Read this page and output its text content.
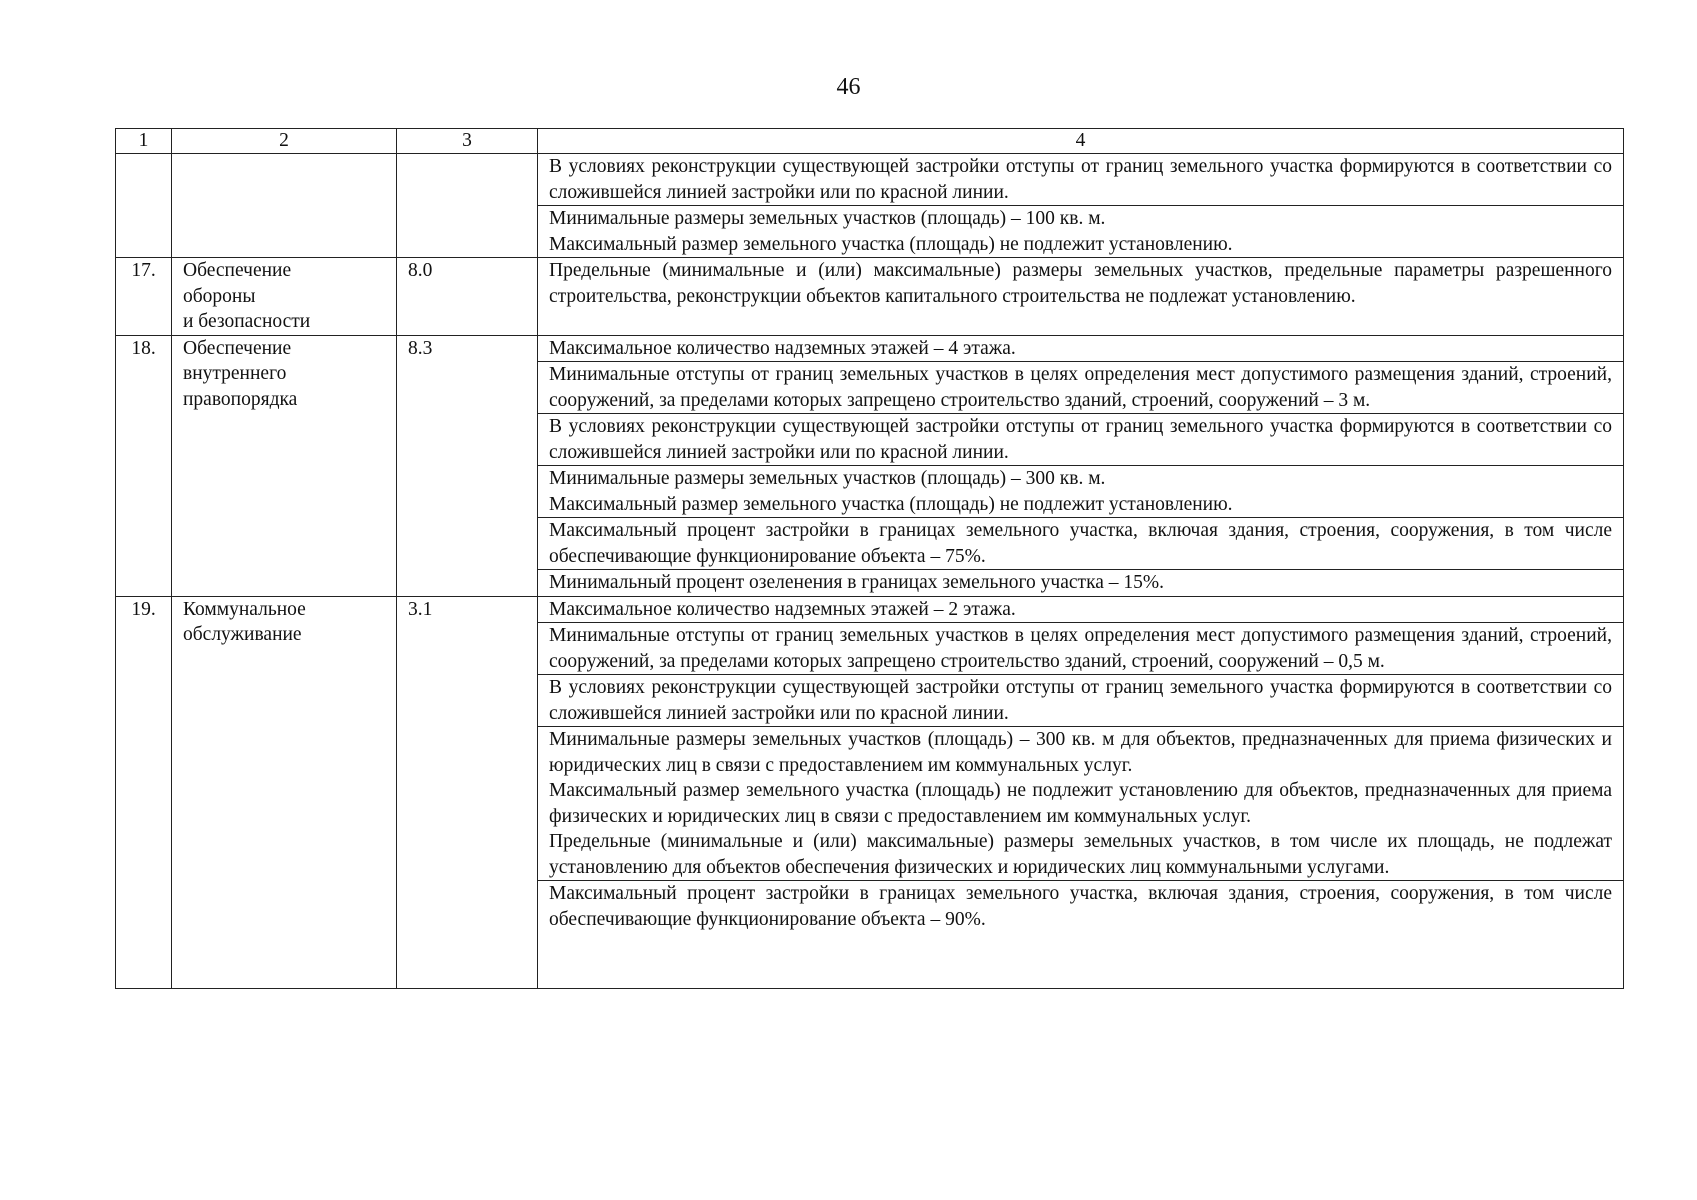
46
1	2	3	4

			В условиях реконструкции существующей застройки отступы от границ земельного участка формируются в соответствии со сложившейся линией застройки или по красной линии.

			Минимальные размеры земельных участков (площадь) – 100 кв. м.
Максимальный размер земельного участка (площадь) не подлежит установлению.

17.	Обеспечение
обороны
и безопасности	8.0	Предельные (минимальные и (или) максимальные) размеры земельных участков, предельные параметры разрешенного строительства, реконструкции объектов капитального строительства не подлежат установлению.

18.	Обеспечение
внутреннего
правопорядка	8.3	Максимальное количество надземных этажей – 4 этажа.

			Минимальные отступы от границ земельных участков в целях определения мест допустимого размещения зданий, строений, сооружений, за пределами которых запрещено строительство зданий, строений, сооружений – 3 м.

			В условиях реконструкции существующей застройки отступы от границ земельного участка формируются в соответствии со сложившейся линией застройки или по красной линии.

			Минимальные размеры земельных участков (площадь) – 300 кв. м.
Максимальный размер земельного участка (площадь) не подлежит установлению.

			Максимальный процент застройки в границах земельного участка, включая здания, строения, сооружения, в том числе обеспечивающие функционирование объекта – 75%.

			Минимальный процент озеленения в границах земельного участка – 15%.

19.	Коммунальное
обслуживание	3.1	Максимальное количество надземных этажей – 2 этажа.

			Минимальные отступы от границ земельных участков в целях определения мест допустимого размещения зданий, строений, сооружений, за пределами которых запрещено строительство зданий, строений, сооружений – 0,5 м.

			В условиях реконструкции существующей застройки отступы от границ земельного участка формируются в соответствии со сложившейся линией застройки или по красной линии.

			Минимальные размеры земельных участков (площадь) – 300 кв. м для объектов, предназначенных для приема физических и юридических лиц в связи с предоставлением им коммунальных услуг.
Максимальный размер земельного участка (площадь) не подлежит установлению для объектов, предназначенных для приема физических и юридических лиц в связи с предоставлением им коммунальных услуг.
Предельные (минимальные и (или) максимальные) размеры земельных участков, в том числе их площадь, не подлежат установлению для объектов обеспечения физических и юридических лиц коммунальными услугами.

			Максимальный процент застройки в границах земельного участка, включая здания, строения, сооружения, в том числе обеспечивающие функционирование объекта – 90%.
